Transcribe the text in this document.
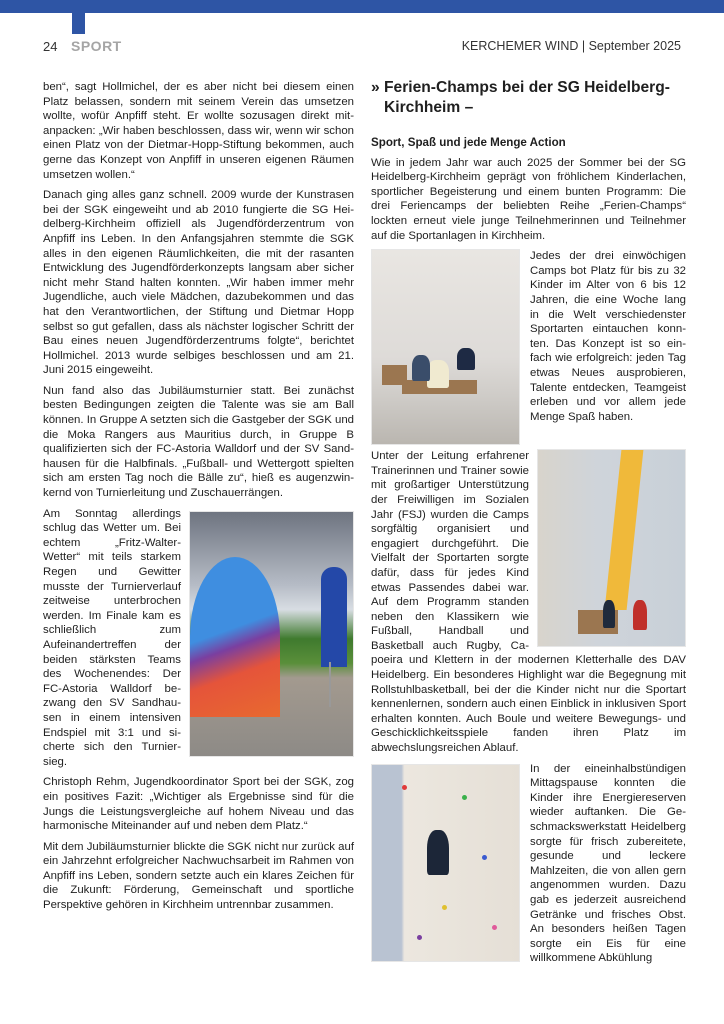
24 SPORT	KERCHEMER WIND | September 2025

ben“, sagt Hollmichel, der es aber nicht bei diesem einen Platz belassen, sondern mit seinem Verein das umsetzen wollte, wofür Anpfiff steht. Er wollte sozusagen direkt mitanpacken: „Wir haben beschlossen, dass wir, wenn wir schon einen Platz von der Dietmar-Hopp-Stiftung bekommen, auch gerne das Konzept von Anpfiff in unseren eigenen Räumen umsetzen wollen.“

Danach ging alles ganz schnell. 2009 wurde der Kunstrasen bei der SGK eingeweiht und ab 2010 fungierte die SG Heidelberg-Kirchheim offiziell als Jugendförderzentrum von Anpfiff ins Leben. In den Anfangsjahren stemmte die SGK alles in den eigenen Räumlichkeiten, die mit der rasanten Entwicklung des Jugendförderkonzepts langsam aber sicher nicht mehr Stand halten konnten. „Wir haben immer mehr Jugendliche, auch viele Mädchen, dazubekommen und das hat den Verantwortlichen, der Stiftung und Dietmar Hopp selbst so gut gefallen, dass als nächster logischer Schritt der Bau eines neuen Jugendförderzentrums folgte“, berichtet Hollmichel. 2013 wurde selbiges beschlossen und am 21. Juni 2015 eingeweiht.

Nun fand also das Jubiläumsturnier statt. Bei zunächst besten Bedingungen zeigten die Talente was sie am Ball können. In Gruppe A setzten sich die Gastgeber der SGK und die Moka Rangers aus Mauritius durch, in Gruppe B qualifizierten sich der FC-Astoria Walldorf und der SV Sandhausen für die Halbfinals. „Fußball- und Wettergott spielten sich am ersten Tag noch die Bälle zu“, hieß es augenzwinkernd von Turnierleitung und Zuschauerrängen.

Am Sonntag allerdings schlug das Wetter um. Bei echtem „Fritz-Walter-Wetter“ mit teils starkem Regen und Gewitter musste der Turnierverlauf zeitweise unterbrochen werden. Im Finale kam es schließlich zum Aufeinandertreffen der beiden stärksten Teams des Wochenendes: Der FC-Astoria Walldorf bezwang den SV Sandhausen in einem intensiven Endspiel mit 3:1 und sicherte sich den Turniersieg.

Christoph Rehm, Jugendkoordinator Sport bei der SGK, zog ein positives Fazit: „Wichtiger als Ergebnisse sind für die Jungs die Leistungsvergleiche auf hohem Niveau und das harmonische Miteinander auf und neben dem Platz.“

Mit dem Jubiläumsturnier blickte die SGK nicht nur zurück auf ein Jahrzehnt erfolgreicher Nachwuchsarbeit im Rahmen von Anpfiff ins Leben, sondern setzte auch ein klares Zeichen für die Zukunft: Förderung, Gemeinschaft und sportliche Perspektive gehören in Kirchheim untrennbar zusammen.

» Ferien-Champs bei der SG Heidelberg-Kirchheim –
Sport, Spaß und jede Menge Action

Wie in jedem Jahr war auch 2025 der Sommer bei der SG Heidelberg-Kirchheim geprägt von fröhlichem Kinderlachen, sportlicher Begeisterung und einem bunten Programm: Die drei Feriencamps der beliebten Reihe „Ferien-Champs“ lockten erneut viele junge Teilnehmerinnen und Teilnehmer auf die Sportanlagen in Kirchheim.

Jedes der drei einwöchigen Camps bot Platz für bis zu 32 Kinder im Alter von 6 bis 12 Jahren, die eine Woche lang in die Welt verschiedenster Sportarten eintauchen konnten. Das Konzept ist so einfach wie erfolgreich: jeden Tag etwas Neues ausprobieren, Talente entdecken, Teamgeist erleben und vor allem jede Menge Spaß haben.

Unter der Leitung erfahrener Trainerinnen und Trainer sowie mit großartiger Unterstützung der Freiwilligen im Sozialen Jahr (FSJ) wurden die Camps sorgfältig organisiert und engagiert durchgeführt. Die Vielfalt der Sportarten sorgte dafür, dass für jedes Kind etwas Passendes dabei war. Auf dem Programm standen neben den Klassikern wie Fußball, Handball und Basketball auch Rugby, Capoeira und Klettern in der modernen Kletterhalle des DAV Heidelberg. Ein besonderes Highlight war die Begegnung mit Rollstuhlbasketball, bei der die Kinder nicht nur die Sportart kennenlernen, sondern auch einen Einblick in inklusiven Sport erhalten konnten. Auch Boule und weitere Bewegungs- und Geschicklichkeitsspiele fanden ihren Platz im abwechslungsreichen Ablauf.

In der eineinhalbstündigen Mittagspause konnten die Kinder ihre Energiereserven wieder auftanken. Die Geschmackswerkstatt Heidelberg sorgte für frisch zubereitete, gesunde und leckere Mahlzeiten, die von allen gern angenommen wurden. Dazu gab es jederzeit ausreichend Getränke und frisches Obst. An besonders heißen Tagen sorgte ein Eis für eine willkommene Abkühlung
